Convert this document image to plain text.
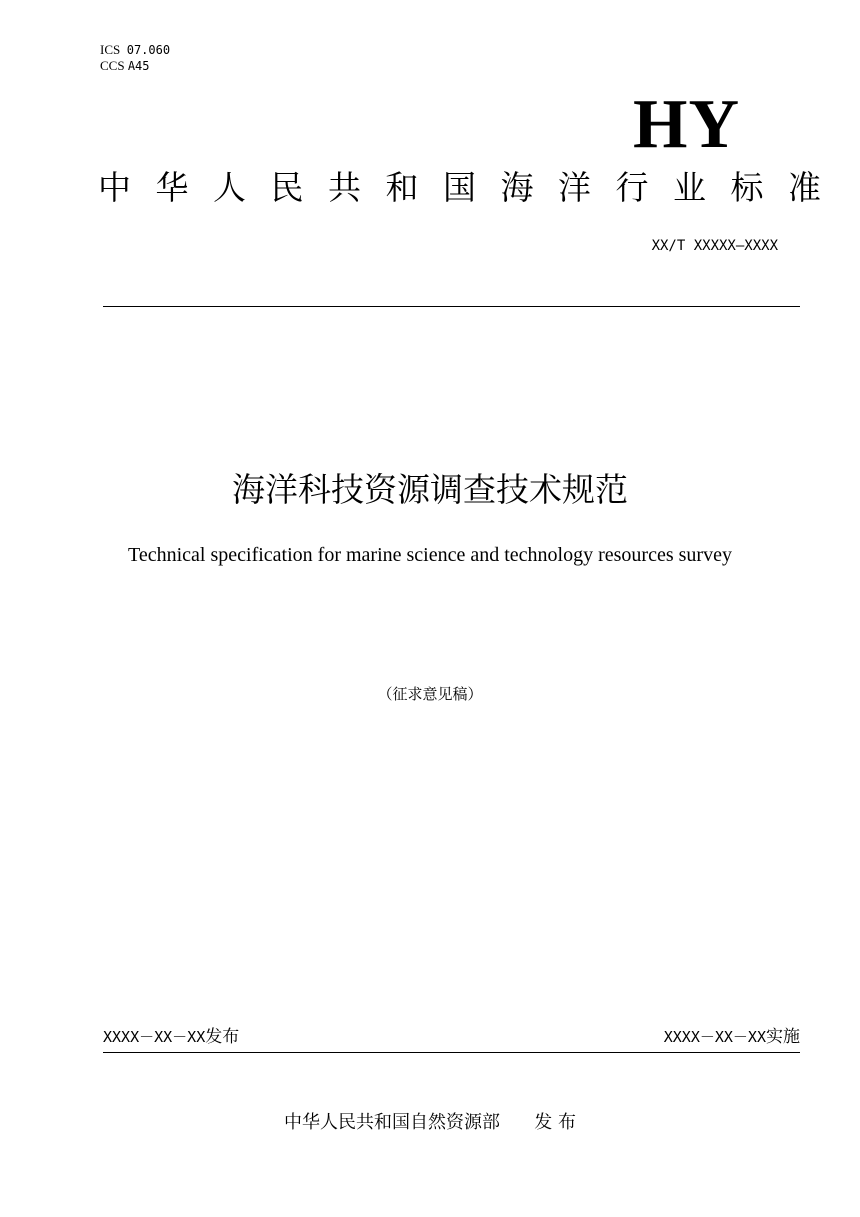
ICS 07.060
CCS A45
HY
中华人民共和国海洋行业标准
XX/T XXXXX—XXXX
海洋科技资源调查技术规范
Technical specification for marine science and technology resources survey
（征求意见稿）
XXXX－XX－XX发布	XXXX－XX－XX实施
中华人民共和国自然资源部 发 布
